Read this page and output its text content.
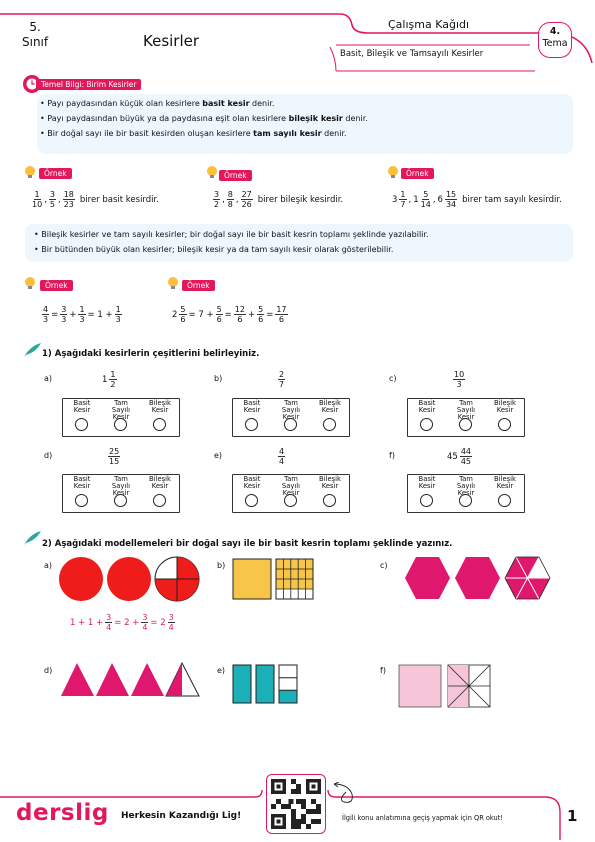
5.
Sınıf	Kesirler
Çalışma Kağıdı
Basit, Bileşik ve Tamsayılı Kesirler
4.
Tema
Temel Bilgi: Birim Kesirler
• Payı paydasından küçük olan kesirlere basit kesir denir.
• Payı paydasından büyük ya da paydasına eşit olan kesirlere bileşik kesir denir.
• Bir doğal sayı ile bir basit kesirden oluşan kesirlere tam sayılı kesir denir.
Örnek
$\frac{1}{10}$ , $\frac{3}{5}$ , $\frac{18}{23}$ birer basit kesirdir.
Örnek
$\frac{3}{2}$ , $\frac{8}{8}$ , $\frac{27}{26}$ birer bileşik kesirdir.
Örnek
$3 \frac{1}{7}$ , $1 \frac{5}{14}$ , $6 \frac{15}{34}$ birer tam sayılı kesirdir.
• Bileşik kesirler ve tam sayılı kesirler; bir doğal sayı ile bir basit kesrin toplamı şeklinde yazılabilir.
• Bir bütünden büyük olan kesirler; bileşik kesir ya da tam sayılı kesir olarak gösterilebilir.
Örnek
$\frac{4}{3} = \frac{3}{3} + \frac{1}{3} = 1 + \frac{1}{3}$
Örnek
$2 \frac{5}{6} = 7 + \frac{5}{6} = \frac{12}{6} + \frac{5}{6} = \frac{17}{6}$
1) Aşağıdaki kesirlerin çeşitlerini belirleyiniz.
a)	$1 \frac{1}{2}$
Basit
Kesir
Tam Sayılı
Kesir
Bileşik
Kesir
b)	$\frac{2}{7}$
Basit
Kesir
Tam Sayılı
Kesir
Bileşik
Kesir
c)	$\frac{10}{3}$
Basit
Kesir
Tam Sayılı
Kesir
Bileşik
Kesir
d)	$\frac{25}{15}$
Basit
Kesir
Tam Sayılı
Kesir
Bileşik
Kesir
e)	$\frac{4}{4}$
Basit
Kesir
Tam Sayılı
Kesir
Bileşik
Kesir
f)	$45 \frac{44}{45}$
Basit
Kesir
Tam Sayılı
Kesir
Bileşik
Kesir
2) Aşağıdaki modellemeleri bir doğal sayı ile bir basit kesrin toplamı şeklinde yazınız.
a)	b)	c)
d)	e)	f)
$1 + 1 + \frac{3}{4} = 2 + \frac{3}{4} = 2 \frac{3}{4}$
derslig Herkesin Kazandığı Lig!	İlgili konu anlatımına geçiş yapmak için QR okut!	1
